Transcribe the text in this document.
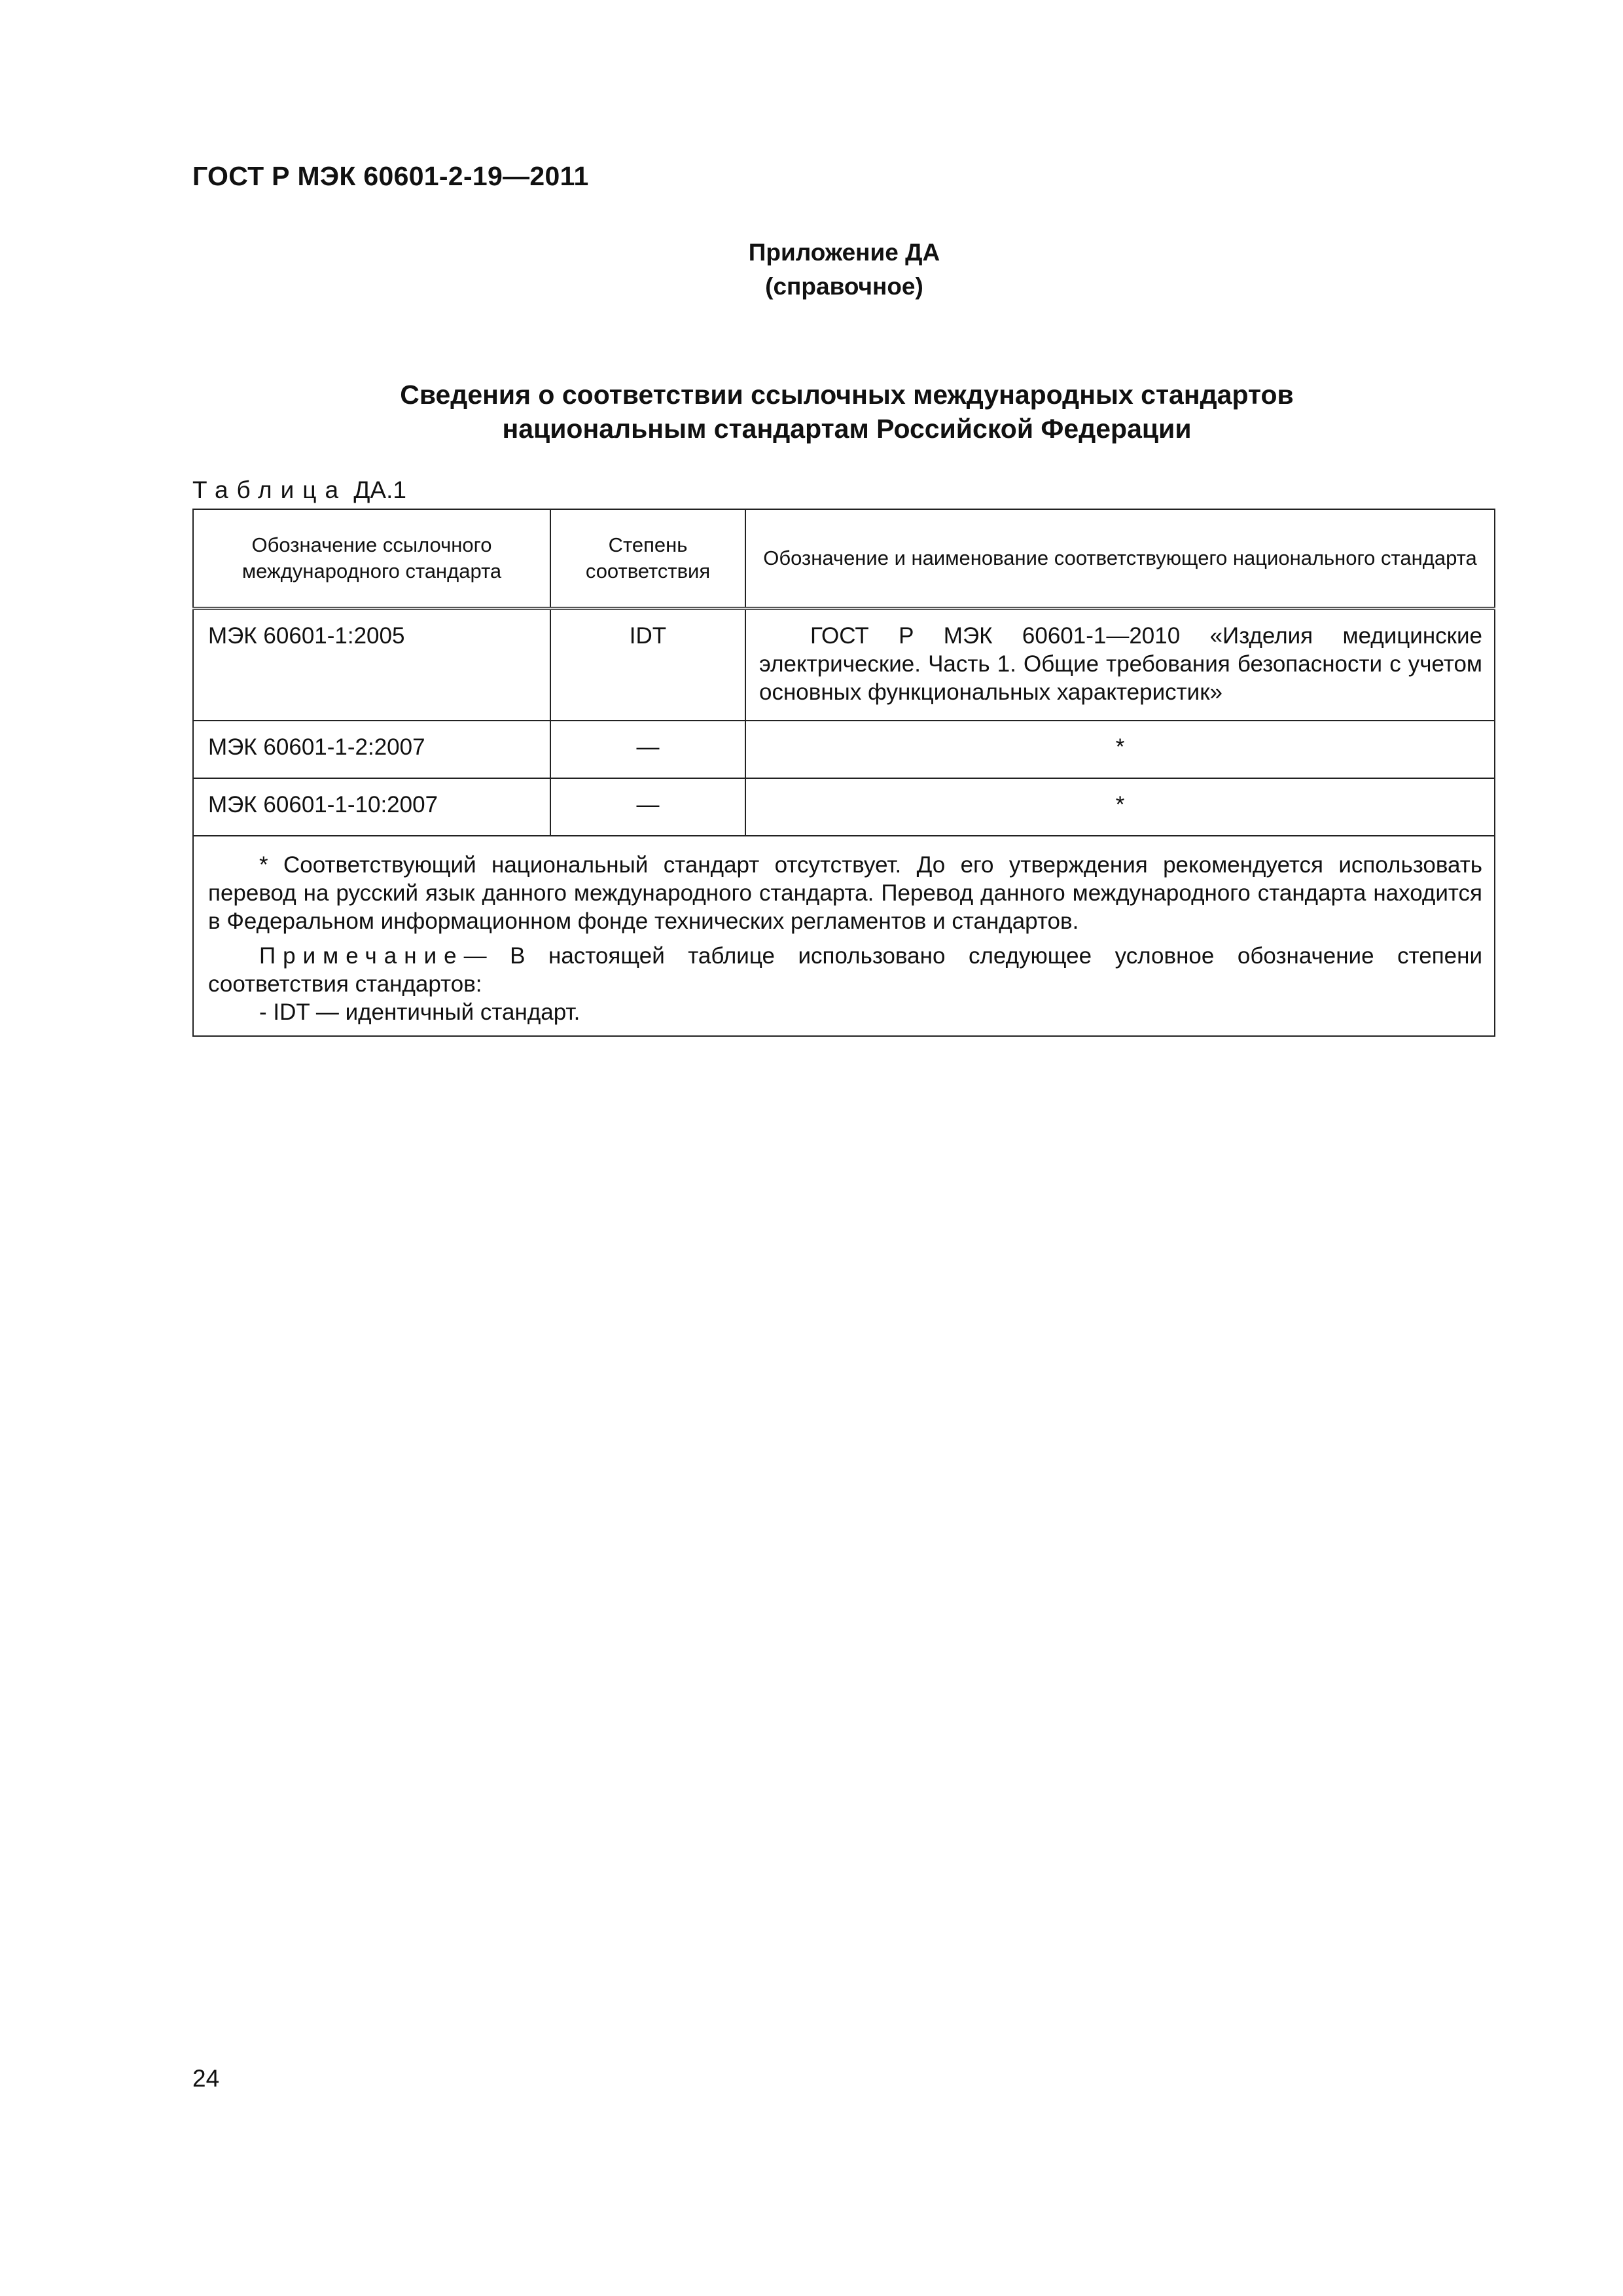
ГОСТ Р МЭК 60601-2-19—2011
Приложение ДА
(справочное)
Сведения о соответствии ссылочных международных стандартов
национальным стандартам Российской Федерации
Таблица ДА.1
Обозначение ссылочного международного стандарта	Степень соответствия	Обозначение и наименование соответствующего национального стандарта
МЭК 60601-1:2005	IDT	ГОСТ Р МЭК 60601-1—2010 «Изделия медицинские электрические. Часть 1. Общие требования безопасности с учетом основных функциональных характеристик»

МЭК 60601-1-2:2007	—	*
МЭК 60601-1-10:2007	—	*

* Соответствующий национальный стандарт отсутствует. До его утверждения рекомендуется использовать перевод на русский язык данного международного стандарта. Перевод данного международного стандарта находится в Федеральном информационном фонде технических регламентов и стандартов.

Примечание— В настоящей таблице использовано следующее условное обозначение степени соответствия стандартов:

- IDT — идентичный стандарт.		

24
